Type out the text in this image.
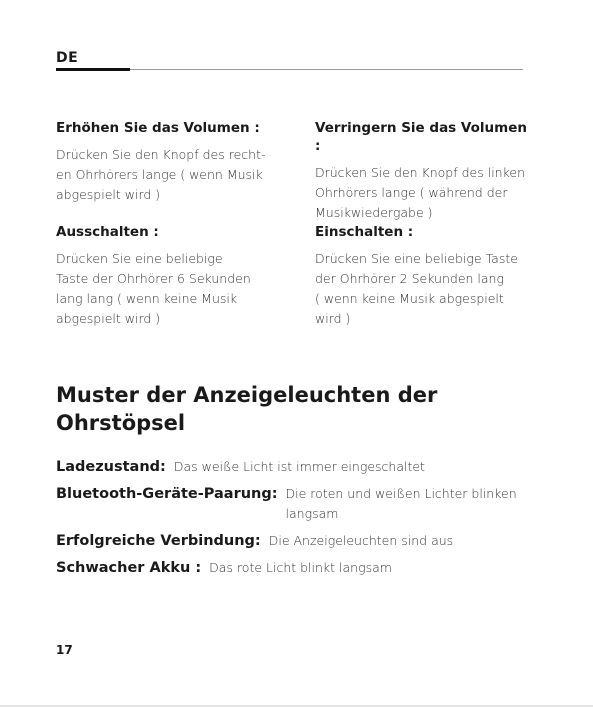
DE
Erhöhen Sie das Volumen :

Drücken Sie den Knopf des recht-
en Ohrhörers lange ( wenn Musik
abgespielt wird )

Verringern Sie das Volumen :

Drücken Sie den Knopf des linken
Ohrhörers lange ( während der
Musikwiedergabe )

Ausschalten :

Drücken Sie eine beliebige
Taste der Ohrhörer 6 Sekunden
lang lang ( wenn keine Musik
abgespielt wird )

Einschalten :

Drücken Sie eine beliebige Taste
der Ohrhörer 2 Sekunden lang
( wenn keine Musik abgespielt
wird )

Muster der Anzeigeleuchten der Ohrstöpsel
Ladezustand: Das weiße Licht ist immer eingeschaltet
Bluetooth-Geräte-Paarung: Die roten und weißen Lichter blinken
langsam
Erfolgreiche Verbindung: Die Anzeigeleuchten sind aus
Schwacher Akku : Das rote Licht blinkt langsam
17
